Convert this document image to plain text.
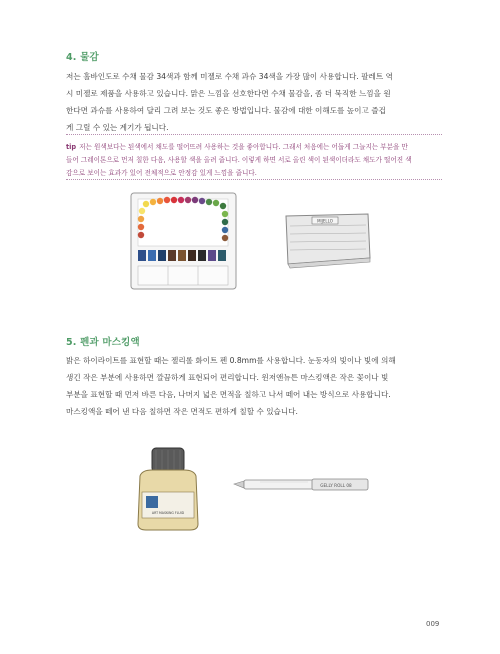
4. 물감

저는 홀바인도로 수채 물감 34색과 함께 미젤로 수채 과슈 34색을 가장 많이 사용합니다. 팔레트 역

시 미젤로 제품을 사용하고 있습니다. 맑은 느낌을 선호한다면 수채 물감을, 좀 더 묵직한 느낌을 원

한다면 과슈를 사용하여 달리 그려 보는 것도 좋은 방법입니다. 물감에 대한 이해도를 높이고 즐겁

게 그릴 수 있는 계기가 됩니다.

tip 저는 원색보다는 된색에서 채도를 떨어뜨려 사용하는 것을 좋아합니다. 그래서 처음에는 어둡게 그늘지는 부분을 만

들어 그레이톤으로 먼저 칠한 다음, 사용할 색을 올려 줍니다. 이렇게 하면 서로 올린 색이 된색이더라도 채도가 떨어진 색

감으로 보이는 효과가 있어 전체적으로 안정감 있게 느낌을 줍니다.

MIJELLO
5. 펜과 마스킹액

밝은 하이라이트를 표현할 때는 젤리롤 화이트 펜 0.8mm를 사용합니다. 눈동자의 빛이나 빛에 의해

생긴 작은 부분에 사용하면 깔끔하게 표현되어 편리합니다. 윈저앤뉴튼 마스킹액은 작은 꽃이나 빛

부분을 표현할 때 먼저 바른 다음, 나머지 넓은 면적을 칠하고 나서 떼어 내는 방식으로 사용합니다.

마스킹액을 떼어 낸 다음 칠하면 작은 면적도 편하게 칠할 수 있습니다.

ART MASKING FLUID
GELLY ROLL 08
009
